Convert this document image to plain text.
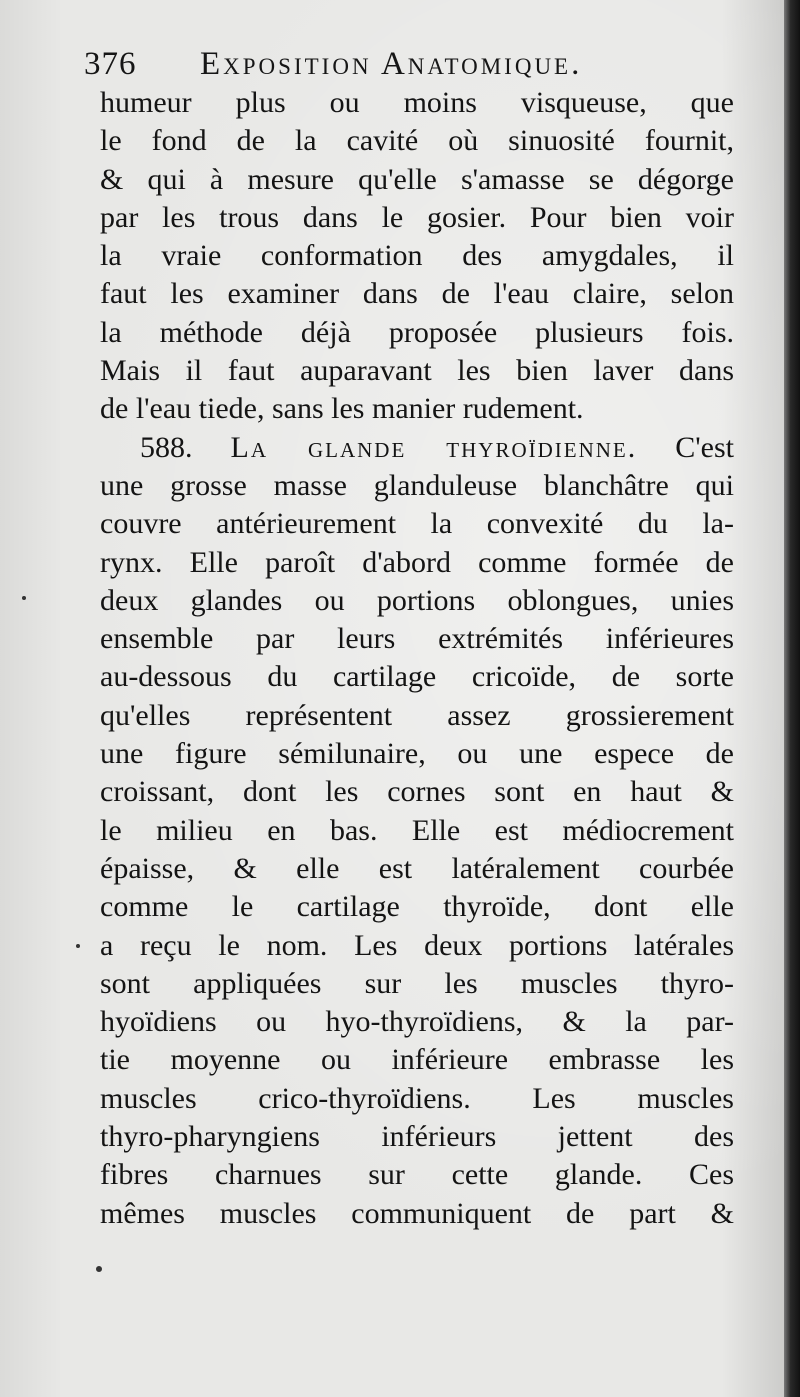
376 Exposition Anatomique.
humeur plus ou moins visqueuse, que
le fond de la cavité où sinuosité fournit,
& qui à mesure qu'elle s'amasse se dégorge
par les trous dans le gosier. Pour bien voir
la vraie conformation des amygdales, il
faut les examiner dans de l'eau claire, selon
la méthode déjà proposée plusieurs fois.
Mais il faut auparavant les bien laver dans
de l'eau tiede, sans les manier rudement.
588. La glande thyroïdienne. C'est
une grosse masse glanduleuse blanchâtre qui
couvre antérieurement la convexité du la-
rynx. Elle paroît d'abord comme formée de
deux glandes ou portions oblongues, unies
ensemble par leurs extrémités inférieures
au-dessous du cartilage cricoïde, de sorte
qu'elles représentent assez grossierement
une figure sémilunaire, ou une espece de
croissant, dont les cornes sont en haut &
le milieu en bas. Elle est médiocrement
épaisse, & elle est latéralement courbée
comme le cartilage thyroïde, dont elle
a reçu le nom. Les deux portions latérales
sont appliquées sur les muscles thyro-
hyoïdiens ou hyo-thyroïdiens, & la par-
tie moyenne ou inférieure embrasse les
muscles crico-thyroïdiens. Les muscles
thyro-pharyngiens inférieurs jettent des
fibres charnues sur cette glande. Ces
mêmes muscles communiquent de part &
